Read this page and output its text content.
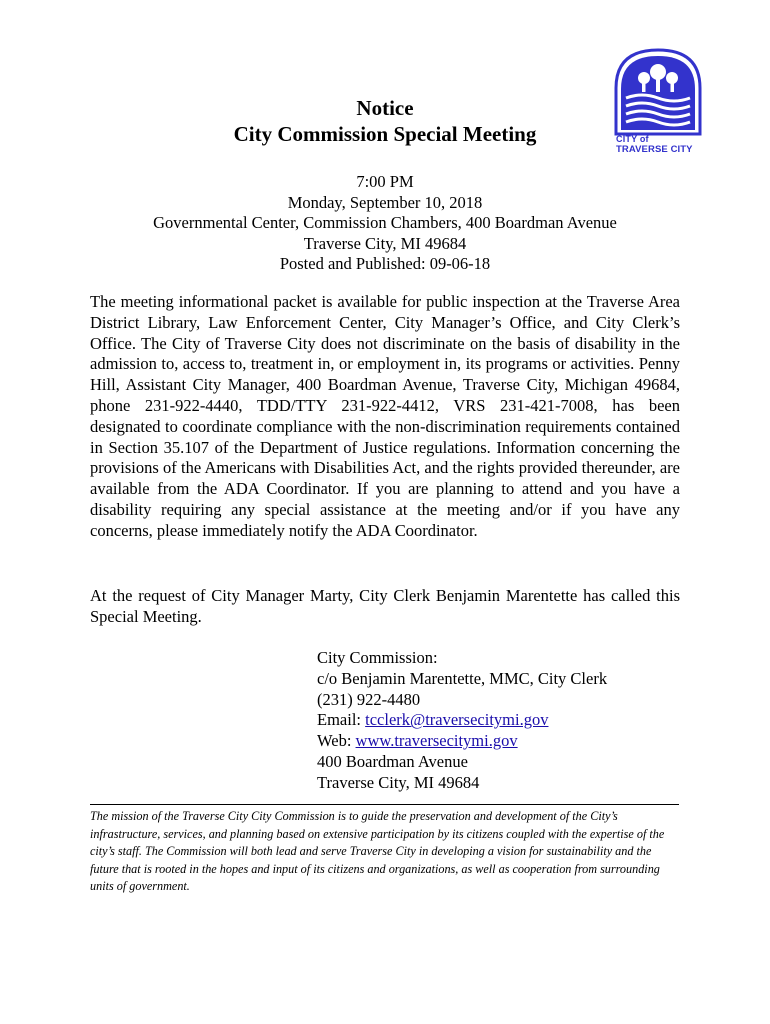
CITY of
TRAVERSE CITY
Notice
City Commission Special Meeting
7:00 PM
Monday, September 10, 2018
Governmental Center, Commission Chambers, 400 Boardman Avenue
Traverse City, MI 49684
Posted and Published: 09-06-18
The meeting informational packet is available for public inspection at the Traverse Area District Library, Law Enforcement Center, City Manager’s Office, and City Clerk’s Office. The City of Traverse City does not discriminate on the basis of disability in the admission to, access to, treatment in, or employment in, its programs or activities. Penny Hill, Assistant City Manager, 400 Boardman Avenue, Traverse City, Michigan 49684, phone 231-922-4440, TDD/TTY 231-922-4412, VRS 231-421-7008, has been designated to coordinate compliance with the non-discrimination requirements contained in Section 35.107 of the Department of Justice regulations. Information concerning the provisions of the Americans with Disabilities Act, and the rights provided thereunder, are available from the ADA Coordinator. If you are planning to attend and you have a disability requiring any special assistance at the meeting and/or if you have any concerns, please immediately notify the ADA Coordinator.
At the request of City Manager Marty, City Clerk Benjamin Marentette has called this Special Meeting.
City Commission:
c/o Benjamin Marentette, MMC, City Clerk
(231) 922-4480
Email: tcclerk@traversecitymi.gov
Web: www.traversecitymi.gov
400 Boardman Avenue
Traverse City, MI 49684
The mission of the Traverse City City Commission is to guide the preservation and development of the City’s infrastructure, services, and planning based on extensive participation by its citizens coupled with the expertise of the city’s staff. The Commission will both lead and serve Traverse City in developing a vision for sustainability and the future that is rooted in the hopes and input of its citizens and organizations, as well as cooperation from surrounding units of government.
